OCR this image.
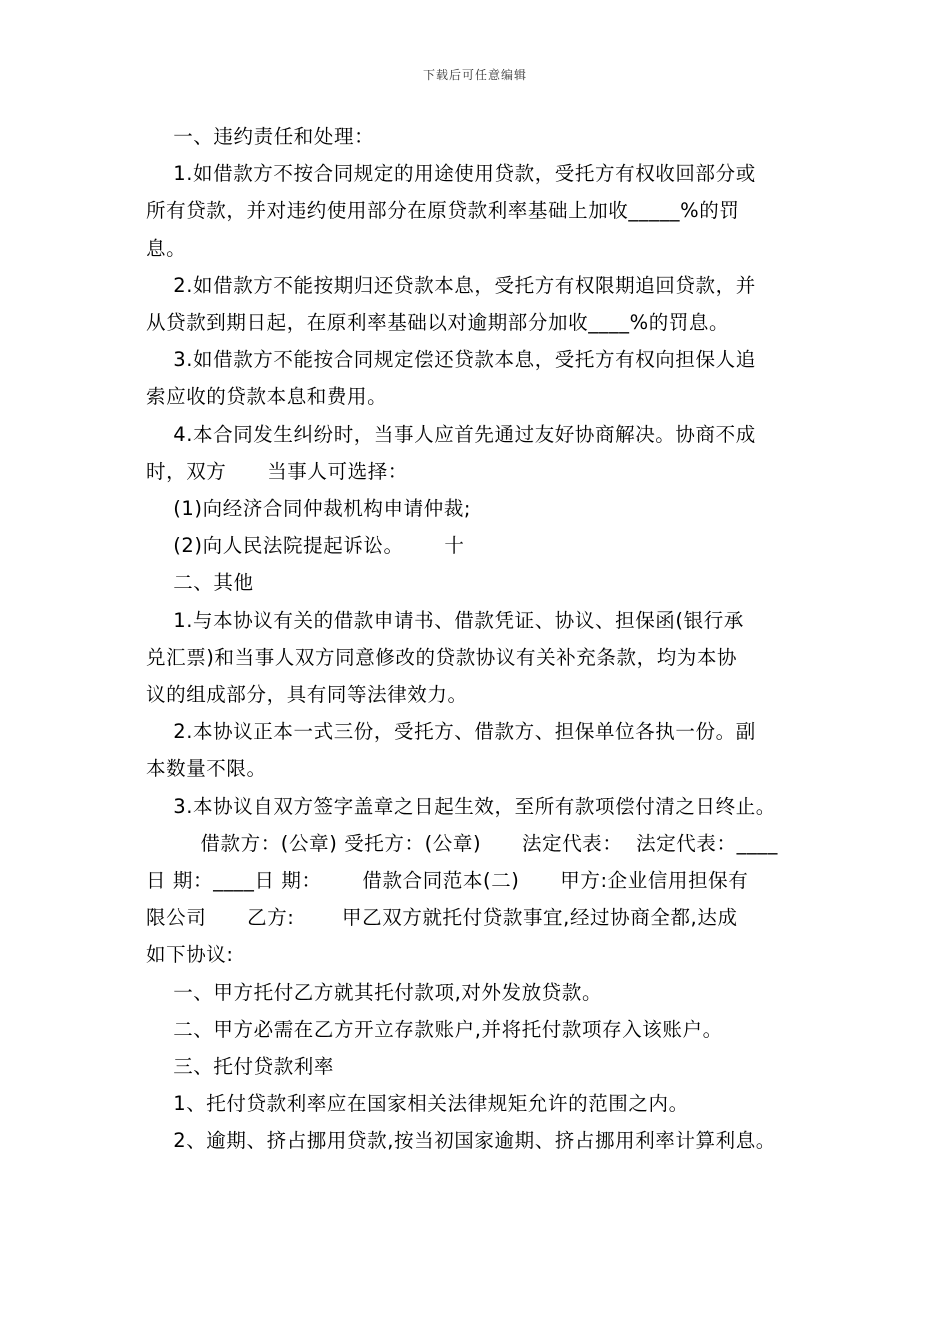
下载后可任意编辑

一、违约责任和处理：

1.如借款方不按合同规定的用途使用贷款，受托方有权收回部分或

所有贷款，并对违约使用部分在原贷款利率基础上加收_____%的罚

息。

2.如借款方不能按期归还贷款本息，受托方有权限期追回贷款，并

从贷款到期日起，在原利率基础以对逾期部分加收____%的罚息。

3.如借款方不能按合同规定偿还贷款本息，受托方有权向担保人追

索应收的贷款本息和费用。

4.本合同发生纠纷时，当事人应首先通过友好协商解决。协商不成

时，双方      当事人可选择：

(1)向经济合同仲裁机构申请仲裁;

(2)向人民法院提起诉讼。      十

二、其他

1.与本协议有关的借款申请书、借款凭证、协议、担保函(银行承

兑汇票)和当事人双方同意修改的贷款协议有关补充条款，均为本协

议的组成部分，具有同等法律效力。

2.本协议正本一式三份，受托方、借款方、担保单位各执一份。副

本数量不限。

3.本协议自双方签字盖章之日起生效，至所有款项偿付清之日终止。

借款方：(公章) 受托方：(公章)      法定代表：  法定代表：____

日 期：____日 期：      借款合同范本(二)      甲方:企业信用担保有

限公司      乙方:       甲乙双方就托付贷款事宜,经过协商全都,达成

如下协议:

一、甲方托付乙方就其托付款项,对外发放贷款。

二、甲方必需在乙方开立存款账户,并将托付款项存入该账户。

三、托付贷款利率

1、托付贷款利率应在国家相关法律规矩允许的范围之内。

2、逾期、挤占挪用贷款,按当初国家逾期、挤占挪用利率计算利息。
